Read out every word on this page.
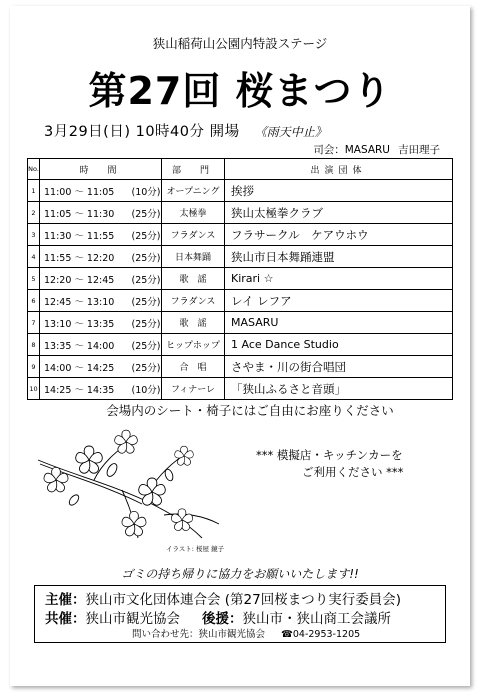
狭山稲荷山公園内特設ステージ
第27回 桜まつり
3月29日(日) 10時40分 開場 《雨天中止》
司会：MASARU 吉田理子
No.	時　間		部　門	出演団体
1	11:00 ～ 11:05	(10分)	オープニング	挨拶
2	11:05 ～ 11:30	(25分)	太極拳	狭山太極拳クラブ
3	11:30 ～ 11:55	(25分)	フラダンス	フラサークル　ケアウホウ
4	11:55 ～ 12:20	(25分)	日本舞踊	狭山市日本舞踊連盟
5	12:20 ～ 12:45	(25分)	歌　謡	Kirari ☆
6	12:45 ～ 13:10	(25分)	フラダンス	レイ レフア
7	13:10 ～ 13:35	(25分)	歌　謡	MASARU
8	13:35 ～ 14:00	(25分)	ヒップホップ	1 Ace Dance Studio
9	14:00 ～ 14:25	(25分)	合　唱	さやま・川の街合唱団
10	14:25 ～ 14:35	(10分)	フィナーレ	「狭山ふるさと音頭」
会場内のシート・椅子にはご自由にお座りください
イラスト: 桜屋 鏡子
*** 模擬店・キッチンカーを
ご利用ください ***
ゴミの持ち帰りに協力をお願いいたします!!
主催：狭山市文化団体連合会 (第27回桜まつり実行委員会)
共催：狭山市観光協会 後援：狭山市・狭山商工会議所
問い合わせ先：狭山市観光協会 ☎04-2953-1205
